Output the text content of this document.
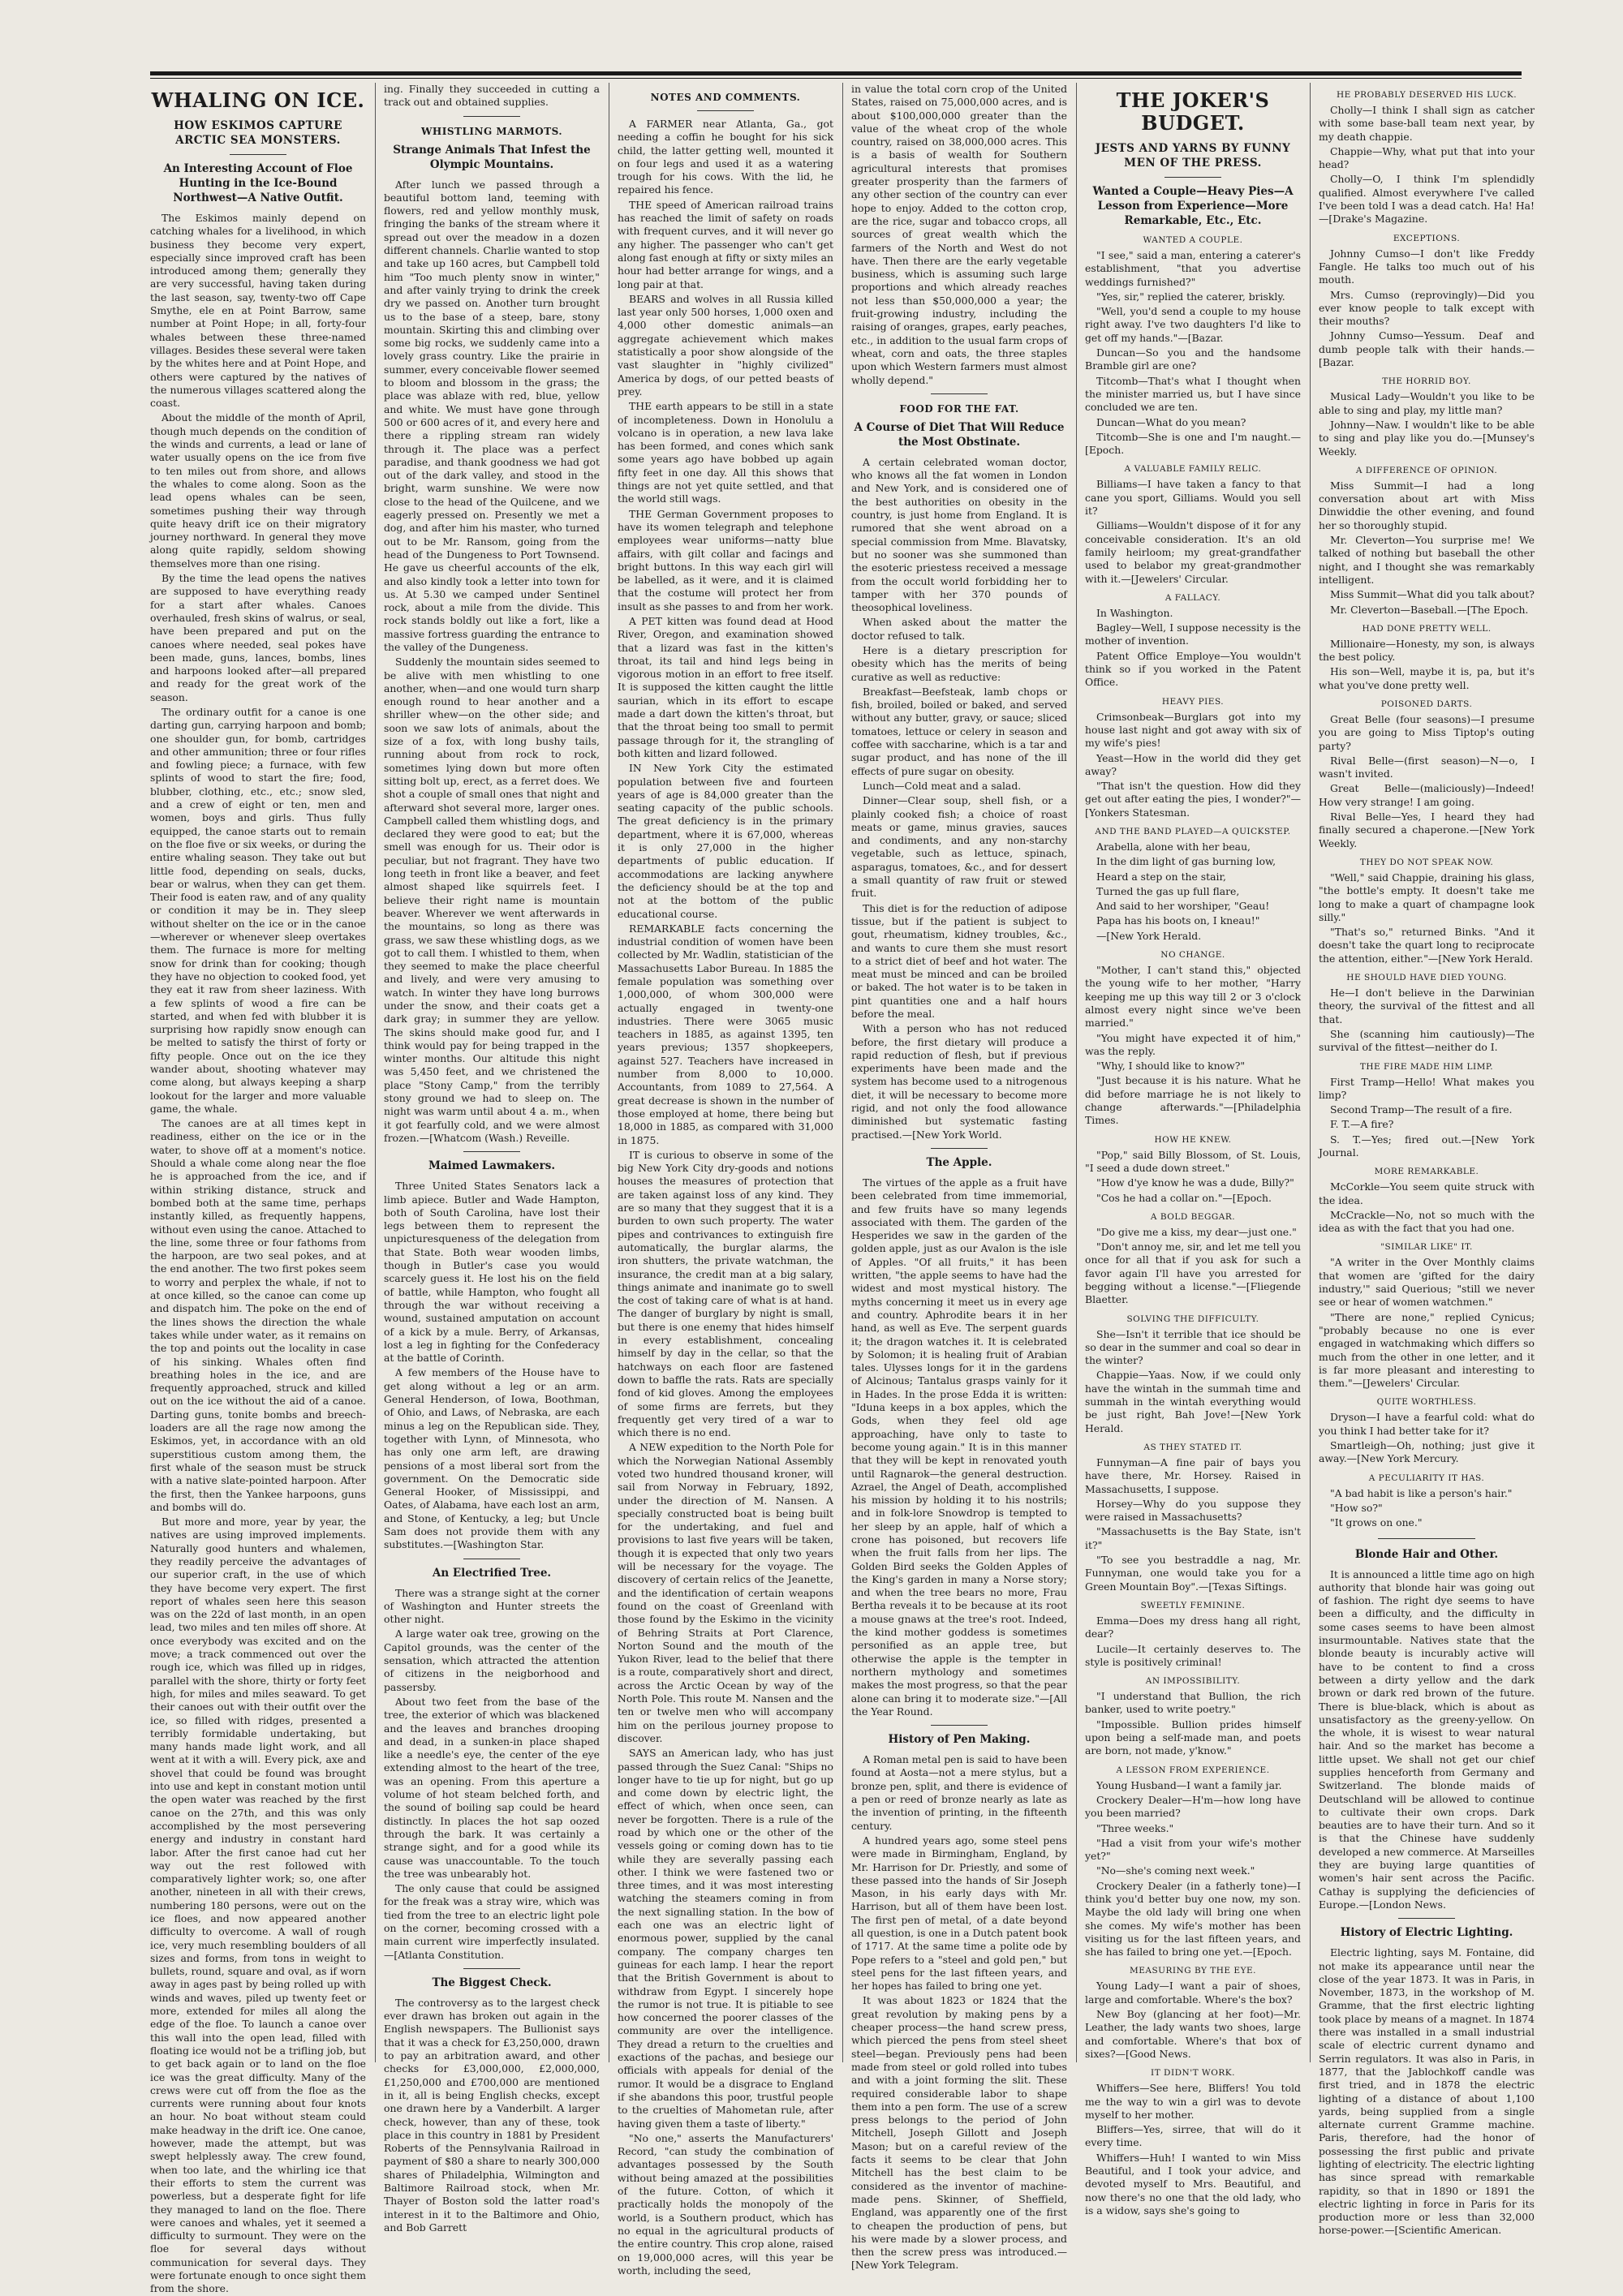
WHALING ON ICE.
HOW ESKIMOS CAPTURE ARCTIC SEA MONSTERS.
An Interesting Account of Floe Hunting in the Ice-Bound Northwest—A Native Outfit.

The Eskimos mainly depend on catching whales for a livelihood, in which business they become very expert, especially since improved craft has been introduced among them; generally they are very successful, having taken during the last season, say, twenty-two off Cape Smythe, ele en at Point Barrow, same number at Point Hope; in all, forty-four whales between these three-named villages. Besides these several were taken by the whites here and at Point Hope, and others were captured by the natives of the numerous villages scattered along the coast.

About the middle of the month of April, though much depends on the condition of the winds and currents, a lead or lane of water usually opens on the ice from five to ten miles out from shore, and allows the whales to come along. Soon as the lead opens whales can be seen, sometimes pushing their way through quite heavy drift ice on their migratory journey northward. In general they move along quite rapidly, seldom showing themselves more than one rising.

By the time the lead opens the natives are supposed to have everything ready for a start after whales. Canoes overhauled, fresh skins of walrus, or seal, have been prepared and put on the canoes where needed, seal pokes have been made, guns, lances, bombs, lines and harpoons looked after—all prepared and ready for the great work of the season.

The ordinary outfit for a canoe is one darting gun, carrying harpoon and bomb; one shoulder gun, for bomb, cartridges and other ammunition; three or four rifles and fowling piece; a furnace, with few splints of wood to start the fire; food, blubber, clothing, etc., etc.; snow sled, and a crew of eight or ten, men and women, boys and girls. Thus fully equipped, the canoe starts out to remain on the floe five or six weeks, or during the entire whaling season. They take out but little food, depending on seals, ducks, bear or walrus, when they can get them. Their food is eaten raw, and of any quality or condition it may be in. They sleep without shelter on the ice or in the canoe—wherever or whenever sleep overtakes them. The furnace is more for melting snow for drink than for cooking; though they have no objection to cooked food, yet they eat it raw from sheer laziness. With a few splints of wood a fire can be started, and when fed with blubber it is surprising how rapidly snow enough can be melted to satisfy the thirst of forty or fifty people. Once out on the ice they wander about, shooting whatever may come along, but always keeping a sharp lookout for the larger and more valuable game, the whale.

The canoes are at all times kept in readiness, either on the ice or in the water, to shove off at a moment's notice. Should a whale come along near the floe he is approached from the ice, and if within striking distance, struck and bombed both at the same time, perhaps instantly killed, as frequently happens, without even using the canoe. Attached to the line, some three or four fathoms from the harpoon, are two seal pokes, and at the end another. The two first pokes seem to worry and perplex the whale, if not to at once killed, so the canoe can come up and dispatch him. The poke on the end of the lines shows the direction the whale takes while under water, as it remains on the top and points out the locality in case of his sinking. Whales often find breathing holes in the ice, and are frequently approached, struck and killed out on the ice without the aid of a canoe. Darting guns, tonite bombs and breech-loaders are all the rage now among the Eskimos, yet, in accordance with an old superstitious custom among them, the first whale of the season must be struck with a native slate-pointed harpoon. After the first, then the Yankee harpoons, guns and bombs will do.

But more and more, year by year, the natives are using improved implements. Naturally good hunters and whalemen, they readily perceive the advantages of our superior craft, in the use of which they have become very expert. The first report of whales seen here this season was on the 22d of last month, in an open lead, two miles and ten miles off shore. At once everybody was excited and on the move; a track commenced out over the rough ice, which was filled up in ridges, parallel with the shore, thirty or forty feet high, for miles and miles seaward. To get their canoes out with their outfit over the ice, so filled with ridges, presented a terribly formidable undertaking, but many hands made light work, and all went at it with a will. Every pick, axe and shovel that could be found was brought into use and kept in constant motion until the open water was reached by the first canoe on the 27th, and this was only accomplished by the most persevering energy and industry in constant hard labor. After the first canoe had cut her way out the rest followed with comparatively lighter work; so, one after another, nineteen in all with their crews, numbering 180 persons, were out on the ice floes, and now appeared another difficulty to overcome. A wall of rough ice, very much resembling boulders of all sizes and forms, from tons in weight to bullets, round, square and oval, as if worn away in ages past by being rolled up with winds and waves, piled up twenty feet or more, extended for miles all along the edge of the floe. To launch a canoe over this wall into the open lead, filled with floating ice would not be a trifling job, but to get back again or to land on the floe ice was the great difficulty. Many of the crews were cut off from the floe as the currents were running about four knots an hour. No boat without steam could make headway in the drift ice. One canoe, however, made the attempt, but was swept helplessly away. The crew found, when too late, and the whirling ice that their efforts to stem the current was powerless, but a desperate fight for life they managed to land on the floe. There were canoes and whales, yet it seemed a difficulty to surmount. They were on the floe for several days without communication for several days. They were fortunate enough to once sight them from the shore.

ing. Finally they succeeded in cutting a track out and obtained supplies.

WHISTLING MARMOTS.
Strange Animals That Infest the Olympic Mountains.

After lunch we passed through a beautiful bottom land, teeming with flowers, red and yellow monthly musk, fringing the banks of the stream where it spread out over the meadow in a dozen different channels. Charlie wanted to stop and take up 160 acres, but Campbell told him "Too much plenty snow in winter," and after vainly trying to drink the creek dry we passed on. Another turn brought us to the base of a steep, bare, stony mountain. Skirting this and climbing over some big rocks, we suddenly came into a lovely grass country. Like the prairie in summer, every conceivable flower seemed to bloom and blossom in the grass; the place was ablaze with red, blue, yellow and white. We must have gone through 500 or 600 acres of it, and every here and there a rippling stream ran widely through it. The place was a perfect paradise, and thank goodness we had got out of the dark valley, and stood in the bright, warm sunshine. We were now close to the head of the Quilcene, and we eagerly pressed on. Presently we met a dog, and after him his master, who turned out to be Mr. Ransom, going from the head of the Dungeness to Port Townsend. He gave us cheerful accounts of the elk, and also kindly took a letter into town for us. At 5.30 we camped under Sentinel rock, about a mile from the divide. This rock stands boldly out like a fort, like a massive fortress guarding the entrance to the valley of the Dungeness.

Suddenly the mountain sides seemed to be alive with men whistling to one another, when—and one would turn sharp enough round to hear another and a shriller whew—on the other side; and soon we saw lots of animals, about the size of a fox, with long bushy tails, running about from rock to rock, sometimes lying down but more often sitting bolt up, erect, as a ferret does. We shot a couple of small ones that night and afterward shot several more, larger ones. Campbell called them whistling dogs, and declared they were good to eat; but the smell was enough for us. Their odor is peculiar, but not fragrant. They have two long teeth in front like a beaver, and feet almost shaped like squirrels feet. I believe their right name is mountain beaver. Wherever we went afterwards in the mountains, so long as there was grass, we saw these whistling dogs, as we got to call them. I whistled to them, when they seemed to make the place cheerful and lively, and were very amusing to watch. In winter they have long burrows under the snow, and their coats get a dark gray; in summer they are yellow. The skins should make good fur, and I think would pay for being trapped in the winter months. Our altitude this night was 5,450 feet, and we christened the place "Stony Camp," from the terribly stony ground we had to sleep on. The night was warm until about 4 a. m., when it got fearfully cold, and we were almost frozen.—[Whatcom (Wash.) Reveille.

Maimed Lawmakers.

Three United States Senators lack a limb apiece. Butler and Wade Hampton, both of South Carolina, have lost their legs between them to represent the unpicturesqueness of the delegation from that State. Both wear wooden limbs, though in Butler's case you would scarcely guess it. He lost his on the field of battle, while Hampton, who fought all through the war without receiving a wound, sustained amputation on account of a kick by a mule. Berry, of Arkansas, lost a leg in fighting for the Confederacy at the battle of Corinth.

A few members of the House have to get along without a leg or an arm. General Henderson, of Iowa, Boothman, of Ohio, and Laws, of Nebraska, are each minus a leg on the Republican side. They, together with Lynn, of Minnesota, who has only one arm left, are drawing pensions of a most liberal sort from the government. On the Democratic side General Hooker, of Mississippi, and Oates, of Alabama, have each lost an arm, and Stone, of Kentucky, a leg; but Uncle Sam does not provide them with any substitutes.—[Washington Star.

An Electrified Tree.

There was a strange sight at the corner of Washington and Hunter streets the other night.

A large water oak tree, growing on the Capitol grounds, was the center of the sensation, which attracted the attention of citizens in the neigborhood and passersby.

About two feet from the base of the tree, the exterior of which was blackened and the leaves and branches drooping and dead, in a sunken-in place shaped like a needle's eye, the center of the eye extending almost to the heart of the tree, was an opening. From this aperture a volume of hot steam belched forth, and the sound of boiling sap could be heard distinctly. In places the hot sap oozed through the bark. It was certainly a strange sight, and for a good while its cause was unaccountable. To the touch the tree was unbearably hot.

The only cause that could be assigned for the freak was a stray wire, which was tied from the tree to an electric light pole on the corner, becoming crossed with a main current wire imperfectly insulated.—[Atlanta Constitution.

The Biggest Check.

The controversy as to the largest check ever drawn has broken out again in the English newspapers. The Bullionist says that it was a check for £3,250,000, drawn to pay an arbitration award, and other checks for £3,000,000, £2,000,000, £1,250,000 and £700,000 are mentioned in it, all is being English checks, except one drawn here by a Vanderbilt. A larger check, however, than any of these, took place in this country in 1881 by President Roberts of the Pennsylvania Railroad in payment of $80 a share to nearly 300,000 shares of Philadelphia, Wilmington and Baltimore Railroad stock, when Mr. Thayer of Boston sold the latter road's interest in it to the Baltimore and Ohio, and Bob Garrett

NOTES AND COMMENTS.

A FARMER near Atlanta, Ga., got needing a coffin he bought for his sick child, the latter getting well, mounted it on four legs and used it as a watering trough for his cows. With the lid, he repaired his fence.

THE speed of American railroad trains has reached the limit of safety on roads with frequent curves, and it will never go any higher. The passenger who can't get along fast enough at fifty or sixty miles an hour had better arrange for wings, and a long pair at that.

BEARS and wolves in all Russia killed last year only 500 horses, 1,000 oxen and 4,000 other domestic animals—an aggregate achievement which makes statistically a poor show alongside of the vast slaughter in "highly civilized" America by dogs, of our petted beasts of prey.

THE earth appears to be still in a state of incompleteness. Down in Honolulu a volcano is in operation, a new lava lake has been formed, and cones which sank some years ago have bobbed up again fifty feet in one day. All this shows that things are not yet quite settled, and that the world still wags.

THE German Government proposes to have its women telegraph and telephone employees wear uniforms—natty blue affairs, with gilt collar and facings and bright buttons. In this way each girl will be labelled, as it were, and it is claimed that the costume will protect her from insult as she passes to and from her work.

A PET kitten was found dead at Hood River, Oregon, and examination showed that a lizard was fast in the kitten's throat, its tail and hind legs being in vigorous motion in an effort to free itself. It is supposed the kitten caught the little saurian, which in its effort to escape made a dart down the kitten's throat, but that the throat being too small to permit passage through for it, the strangling of both kitten and lizard followed.

IN New York City the estimated population between five and fourteen years of age is 84,000 greater than the seating capacity of the public schools. The great deficiency is in the primary department, where it is 67,000, whereas it is only 27,000 in the higher departments of public education. If accommodations are lacking anywhere the deficiency should be at the top and not at the bottom of the public educational course.

REMARKABLE facts concerning the industrial condition of women have been collected by Mr. Wadlin, statistician of the Massachusetts Labor Bureau. In 1885 the female population was something over 1,000,000, of whom 300,000 were actually engaged in twenty-one industries. There were 3065 music teachers in 1885, as against 1395, ten years previous; 1357 shopkeepers, against 527. Teachers have increased in number from 8,000 to 10,000. Accountants, from 1089 to 27,564. A great decrease is shown in the number of those employed at home, there being but 18,000 in 1885, as compared with 31,000 in 1875.

IT is curious to observe in some of the big New York City dry-goods and notions houses the measures of protection that are taken against loss of any kind. They are so many that they suggest that it is a burden to own such property. The water pipes and contrivances to extinguish fire automatically, the burglar alarms, the iron shutters, the private watchman, the insurance, the credit man at a big salary, things animate and inanimate go to swell the cost of taking care of what is at hand. The danger of burglary by night is small, but there is one enemy that hides himself in every establishment, concealing himself by day in the cellar, so that the hatchways on each floor are fastened down to baffle the rats. Rats are specially fond of kid gloves. Among the employees of some firms are ferrets, but they frequently get very tired of a war to which there is no end.

A NEW expedition to the North Pole for which the Norwegian National Assembly voted two hundred thousand kroner, will sail from Norway in February, 1892, under the direction of M. Nansen. A specially constructed boat is being built for the undertaking, and fuel and provisions to last five years will be taken, though it is expected that only two years will be necessary for the voyage. The discovery of certain relics of the Jeanette, and the identification of certain weapons found on the coast of Greenland with those found by the Eskimo in the vicinity of Behring Straits at Port Clarence, Norton Sound and the mouth of the Yukon River, lead to the belief that there is a route, comparatively short and direct, across the Arctic Ocean by way of the North Pole. This route M. Nansen and the ten or twelve men who will accompany him on the perilous journey propose to discover.

SAYS an American lady, who has just passed through the Suez Canal: "Ships no longer have to tie up for night, but go up and come down by electric light, the effect of which, when once seen, can never be forgotten. There is a rule of the road by which one or the other of the vessels going or coming down has to tie while they are severally passing each other. I think we were fastened two or three times, and it was most interesting watching the steamers coming in from the next signalling station. In the bow of each one was an electric light of enormous power, supplied by the canal company. The company charges ten guineas for each lamp. I hear the report that the British Government is about to withdraw from Egypt. I sincerely hope the rumor is not true. It is pitiable to see how concerned the poorer classes of the community are over the intelligence. They dread a return to the cruelties and exactions of the pachas, and besiege our officials with appeals for denial of the rumor. It would be a disgrace to England if she abandons this poor, trustful people to the cruelties of Mahometan rule, after having given them a taste of liberty."

"No one," asserts the Manufacturers' Record, "can study the combination of advantages possessed by the South without being amazed at the possibilities of the future. Cotton, of which it practically holds the monopoly of the world, is a Southern product, which has no equal in the agricultural products of the entire country. This crop alone, raised on 19,000,000 acres, will this year be worth, including the seed,

in value the total corn crop of the United States, raised on 75,000,000 acres, and is about $100,000,000 greater than the value of the wheat crop of the whole country, raised on 38,000,000 acres. This is a basis of wealth for Southern agricultural interests that promises greater prosperity than the farmers of any other section of the country can ever hope to enjoy. Added to the cotton crop, are the rice, sugar and tobacco crops, all sources of great wealth which the farmers of the North and West do not have. Then there are the early vegetable business, which is assuming such large proportions and which already reaches not less than $50,000,000 a year; the fruit-growing industry, including the raising of oranges, grapes, early peaches, etc., in addition to the usual farm crops of wheat, corn and oats, the three staples upon which Western farmers must almost wholly depend."

FOOD FOR THE FAT.
A Course of Diet That Will Reduce the Most Obstinate.

A certain celebrated woman doctor, who knows all the fat women in London and New York, and is considered one of the best authorities on obesity in the country, is just home from England. It is rumored that she went abroad on a special commission from Mme. Blavatsky, but no sooner was she summoned than the esoteric priestess received a message from the occult world forbidding her to tamper with her 370 pounds of theosophical loveliness.

When asked about the matter the doctor refused to talk.

Here is a dietary prescription for obesity which has the merits of being curative as well as reductive:

Breakfast—Beefsteak, lamb chops or fish, broiled, boiled or baked, and served without any butter, gravy, or sauce; sliced tomatoes, lettuce or celery in season and coffee with saccharine, which is a tar and sugar product, and has none of the ill effects of pure sugar on obesity.

Lunch—Cold meat and a salad.

Dinner—Clear soup, shell fish, or a plainly cooked fish; a choice of roast meats or game, minus gravies, sauces and condiments, and any non-starchy vegetable, such as lettuce, spinach, asparagus, tomatoes, &c., and for dessert a small quantity of raw fruit or stewed fruit.

This diet is for the reduction of adipose tissue, but if the patient is subject to gout, rheumatism, kidney troubles, &c., and wants to cure them she must resort to a strict diet of beef and hot water. The meat must be minced and can be broiled or baked. The hot water is to be taken in pint quantities one and a half hours before the meal.

With a person who has not reduced before, the first dietary will produce a rapid reduction of flesh, but if previous experiments have been made and the system has become used to a nitrogenous diet, it will be necessary to become more rigid, and not only the food allowance diminished but systematic fasting practised.—[New York World.

The Apple.

The virtues of the apple as a fruit have been celebrated from time immemorial, and few fruits have so many legends associated with them. The garden of the Hesperides we saw in the garden of the golden apple, just as our Avalon is the isle of Apples. "Of all fruits," it has been written, "the apple seems to have had the widest and most mystical history. The myths concerning it meet us in every age and country. Aphrodite bears it in her hand, as well as Eve. The serpent guards it; the dragon watches it. It is celebrated by Solomon; it is healing fruit of Arabian tales. Ulysses longs for it in the gardens of Alcinous; Tantalus grasps vainly for it in Hades. In the prose Edda it is written: "Iduna keeps in a box apples, which the Gods, when they feel old age approaching, have only to taste to become young again." It is in this manner that they will be kept in renovated youth until Ragnarok—the general destruction. Azrael, the Angel of Death, accomplished his mission by holding it to his nostrils; and in folk-lore Snowdrop is tempted to her sleep by an apple, half of which a crone has poisoned, but recovers life when the fruit falls from her lips. The Golden Bird seeks the Golden Apples of the King's garden in many a Norse story; and when the tree bears no more, Frau Bertha reveals it to be because at its root a mouse gnaws at the tree's root. Indeed, the kind mother goddess is sometimes personified as an apple tree, but otherwise the apple is the tempter in northern mythology and sometimes makes the most progress, so that the pear alone can bring it to moderate size."—[All the Year Round.

History of Pen Making.

A Roman metal pen is said to have been found at Aosta—not a mere stylus, but a bronze pen, split, and there is evidence of a pen or reed of bronze nearly as late as the invention of printing, in the fifteenth century.

A hundred years ago, some steel pens were made in Birmingham, England, by Mr. Harrison for Dr. Priestly, and some of these passed into the hands of Sir Joseph Mason, in his early days with Mr. Harrison, but all of them have been lost. The first pen of metal, of a date beyond all question, is one in a Dutch patent book of 1717. At the same time a polite ode by Pope refers to a "steel and gold pen," but steel pens for the last fifteen years, and her hopes has failed to bring one yet.

It was about 1823 or 1824 that the great revolution by making pens by a cheaper process—the hand screw press, which pierced the pens from steel sheet steel—began. Previously pens had been made from steel or gold rolled into tubes and with a joint forming the slit. These required considerable labor to shape them into a pen form. The use of a screw press belongs to the period of John Mitchell, Joseph Gillott and Joseph Mason; but on a careful review of the facts it seems to be clear that John Mitchell has the best claim to be considered as the inventor of machine-made pens. Skinner, of Sheffield, England, was apparently one of the first to cheapen the production of pens, but his were made by a slower process, and then the screw press was introduced.—[New York Telegram.

THE JOKER'S BUDGET.
JESTS AND YARNS BY FUNNY MEN OF THE PRESS.
Wanted a Couple—Heavy Pies—A Lesson from Experience—More Remarkable, Etc., Etc.
WANTED A COUPLE.

"I see," said a man, entering a caterer's establishment, "that you advertise weddings furnished?"

"Yes, sir," replied the caterer, briskly.

"Well, you'd send a couple to my house right away. I've two daughters I'd like to get off my hands."—[Bazar.

Duncan—So you and the handsome Bramble girl are one?

Titcomb—That's what I thought when the minister married us, but I have since concluded we are ten.

Duncan—What do you mean?

Titcomb—She is one and I'm naught.—[Epoch.

A VALUABLE FAMILY RELIC.

Billiams—I have taken a fancy to that cane you sport, Gilliams. Would you sell it?

Gilliams—Wouldn't dispose of it for any conceivable consideration. It's an old family heirloom; my great-grandfather used to belabor my great-grandmother with it.—[Jewelers' Circular.

A FALLACY.

In Washington.

Bagley—Well, I suppose necessity is the mother of invention.

Patent Office Employe—You wouldn't think so if you worked in the Patent Office.

HEAVY PIES.

Crimsonbeak—Burglars got into my house last night and got away with six of my wife's pies!

Yeast—How in the world did they get away?

"That isn't the question. How did they get out after eating the pies, I wonder?"—[Yonkers Statesman.

AND THE BAND PLAYED—A QUICKSTEP.

Arabella, alone with her beau,

In the dim light of gas burning low,

Heard a step on the stair,

Turned the gas up full flare,

And said to her worshiper, "Geau!

Papa has his boots on, I kneau!"

—[New York Herald.

NO CHANGE.

"Mother, I can't stand this," objected the young wife to her mother, "Harry keeping me up this way till 2 or 3 o'clock almost every night since we've been married."

"You might have expected it of him," was the reply.

"Why, I should like to know?"

"Just because it is his nature. What he did before marriage he is not likely to change afterwards."—[Philadelphia Times.

HOW HE KNEW.

"Pop," said Billy Blossom, of St. Louis, "I seed a dude down street."

"How d'ye know he was a dude, Billy?"

"Cos he had a collar on."—[Epoch.

A BOLD BEGGAR.

"Do give me a kiss, my dear—just one."

"Don't annoy me, sir, and let me tell you once for all that if you ask for such a favor again I'll have you arrested for begging without a license."—[Fliegende Blaetter.

SOLVING THE DIFFICULTY.

She—Isn't it terrible that ice should be so dear in the summer and coal so dear in the winter?

Chappie—Yaas. Now, if we could only have the wintah in the summah time and summah in the wintah everything would be just right, Bah Jove!—[New York Herald.

AS THEY STATED IT.

Funnyman—A fine pair of bays you have there, Mr. Horsey. Raised in Massachusetts, I suppose.

Horsey—Why do you suppose they were raised in Massachusetts?

"Massachusetts is the Bay State, isn't it?"

"To see you bestraddle a nag, Mr. Funnyman, one would take you for a Green Mountain Boy".—[Texas Siftings.

SWEETLY FEMININE.

Emma—Does my dress hang all right, dear?

Lucile—It certainly deserves to. The style is positively criminal!

AN IMPOSSIBILITY.

"I understand that Bullion, the rich banker, used to write poetry."

"Impossible. Bullion prides himself upon being a self-made man, and poets are born, not made, y'know."

A LESSON FROM EXPERIENCE.

Young Husband—I want a family jar.

Crockery Dealer—H'm—how long have you been married?

"Three weeks."

"Had a visit from your wife's mother yet?"

"No—she's coming next week."

Crockery Dealer (in a fatherly tone)—I think you'd better buy one now, my son. Maybe the old lady will bring one when she comes. My wife's mother has been visiting us for the last fifteen years, and she has failed to bring one yet.—[Epoch.

MEASURING BY THE EYE.

Young Lady—I want a pair of shoes, large and comfortable. Where's the box?

New Boy (glancing at her foot)—Mr. Leather, the lady wants two shoes, large and comfortable. Where's that box of sixes?—[Good News.

IT DIDN'T WORK.

Whiffers—See here, Bliffers! You told me the way to win a girl was to devote myself to her mother.

Bliffers—Yes, sirree, that will do it every time.

Whiffers—Huh! I wanted to win Miss Beautiful, and I took your advice, and devoted myself to Mrs. Beautiful, and now there's no one that the old lady, who is a widow, says she's going to

HE PROBABLY DESERVED HIS LUCK.

Cholly—I think I shall sign as catcher with some base-ball team next year, by my death chappie.

Chappie—Why, what put that into your head?

Cholly—O, I think I'm splendidly qualified. Almost everywhere I've called I've been told I was a dead catch. Ha! Ha!—[Drake's Magazine.

EXCEPTIONS.

Johnny Cumso—I don't like Freddy Fangle. He talks too much out of his mouth.

Mrs. Cumso (reprovingly)—Did you ever know people to talk except with their mouths?

Johnny Cumso—Yessum. Deaf and dumb people talk with their hands.—[Bazar.

THE HORRID BOY.

Musical Lady—Wouldn't you like to be able to sing and play, my little man?

Johnny—Naw. I wouldn't like to be able to sing and play like you do.—[Munsey's Weekly.

A DIFFERENCE OF OPINION.

Miss Summit—I had a long conversation about art with Miss Dinwiddie the other evening, and found her so thoroughly stupid.

Mr. Cleverton—You surprise me! We talked of nothing but baseball the other night, and I thought she was remarkably intelligent.

Miss Summit—What did you talk about?

Mr. Cleverton—Baseball.—[The Epoch.

HAD DONE PRETTY WELL.

Millionaire—Honesty, my son, is always the best policy.

His son—Well, maybe it is, pa, but it's what you've done pretty well.

POISONED DARTS.

Great Belle (four seasons)—I presume you are going to Miss Tiptop's outing party?

Rival Belle—(first season)—N—o, I wasn't invited.

Great Belle—(maliciously)—Indeed! How very strange! I am going.

Rival Belle—Yes, I heard they had finally secured a chaperone.—[New York Weekly.

THEY DO NOT SPEAK NOW.

"Well," said Chappie, draining his glass, "the bottle's empty. It doesn't take me long to make a quart of champagne look silly."

"That's so," returned Binks. "And it doesn't take the quart long to reciprocate the attention, either."—[New York Herald.

HE SHOULD HAVE DIED YOUNG.

He—I don't believe in the Darwinian theory, the survival of the fittest and all that.

She (scanning him cautiously)—The survival of the fittest—neither do I.

THE FIRE MADE HIM LIMP.

First Tramp—Hello! What makes you limp?

Second Tramp—The result of a fire.

F. T.—A fire?

S. T.—Yes; fired out.—[New York Journal.

MORE REMARKABLE.

McCorkle—You seem quite struck with the idea.

McCrackle—No, not so much with the idea as with the fact that you had one.

"SIMILAR LIKE" IT.

"A writer in the Over Monthly claims that women are 'gifted for the dairy industry,'" said Querious; "still we never see or hear of women watchmen."

"There are none," replied Cynicus; "probably because no one is ever engaged in watchmaking which differs so much from the other in one letter, and it is far more pleasant and interesting to them."—[Jewelers' Circular.

QUITE WORTHLESS.

Dryson—I have a fearful cold: what do you think I had better take for it?

Smartleigh—Oh, nothing; just give it away.—[New York Mercury.

A PECULIARITY IT HAS.

"A bad habit is like a person's hair."

"How so?"

"It grows on one."

Blonde Hair and Other.

It is announced a little time ago on high authority that blonde hair was going out of fashion. The right dye seems to have been a difficulty, and the difficulty in some cases seems to have been almost insurmountable. Natives state that the blonde beauty is incurably active will have to be content to find a cross between a dirty yellow and the dark brown or dark red brown of the future. There is blue-black, which is about as unsatisfactory as the greeny-yellow. On the whole, it is wisest to wear natural hair. And so the market has become a little upset. We shall not get our chief supplies henceforth from Germany and Switzerland. The blonde maids of Deutschland will be allowed to continue to cultivate their own crops. Dark beauties are to have their turn. And so it is that the Chinese have suddenly developed a new commerce. At Marseilles they are buying large quantities of women's hair sent across the Pacific. Cathay is supplying the deficiencies of Europe.—[London News.

History of Electric Lighting.

Electric lighting, says M. Fontaine, did not make its appearance until near the close of the year 1873. It was in Paris, in November, 1873, in the workshop of M. Gramme, that the first electric lighting took place by means of a magnet. In 1874 there was installed in a small industrial scale of electric current dynamo and Serrin regulators. It was also in Paris, in 1877, that the Jablochkoff candle was first tried, and in 1878 the electric lighting of a distance of about 1,100 yards, being supplied from a single alternate current Gramme machine. Paris, therefore, had the honor of possessing the first public and private lighting of electricity. The electric lighting has since spread with remarkable rapidity, so that in 1890 or 1891 the electric lighting in force in Paris for its production more or less than 32,000 horse-power.—[Scientific American.
